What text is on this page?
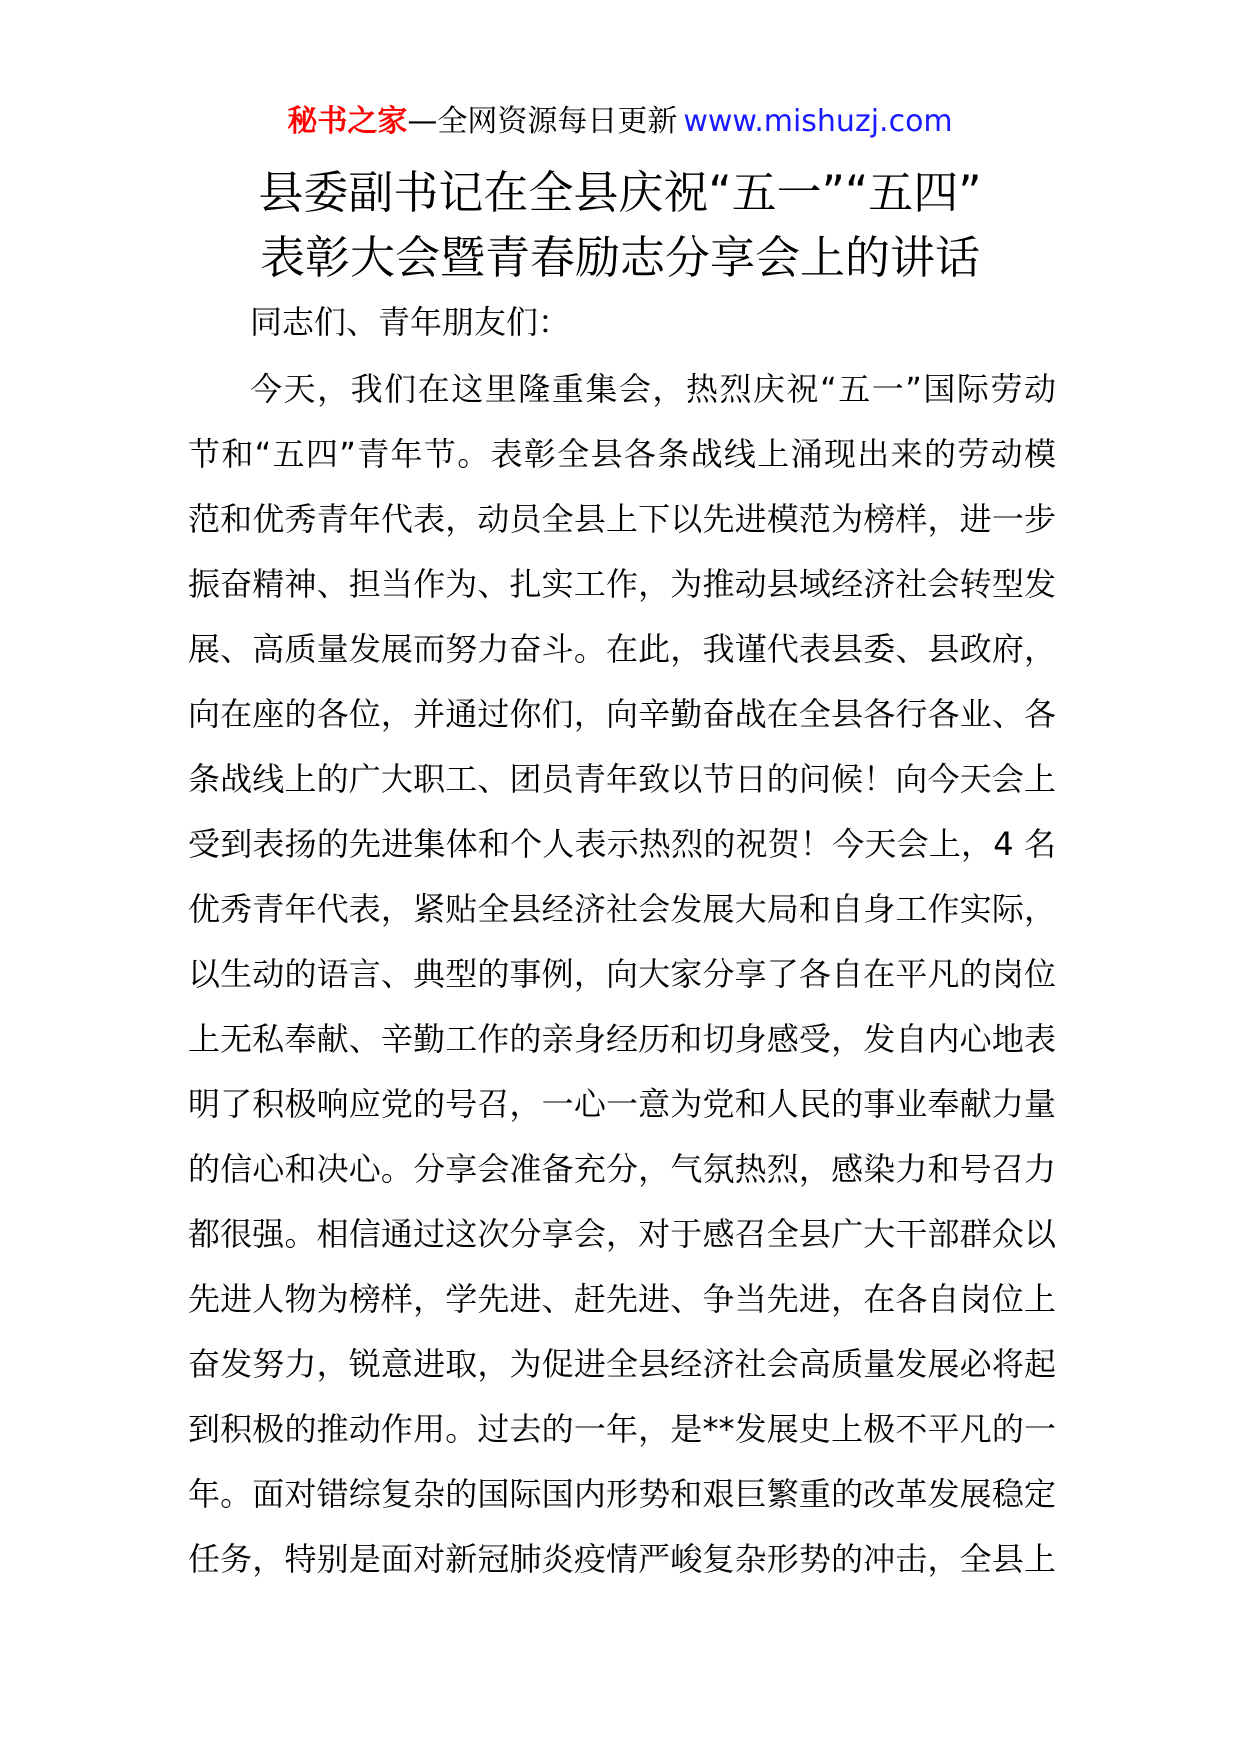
秘书之家—全网资源每日更新 www.mishuzj.com
县委副书记在全县庆祝“五一”“五四”
表彰大会暨青春励志分享会上的讲话
同志们、青年朋友们：
今天，我们在这里隆重集会，热烈庆祝“五一”国际劳动
节和“五四”青年节。表彰全县各条战线上涌现出来的劳动模
范和优秀青年代表，动员全县上下以先进模范为榜样，进一步
振奋精神、担当作为、扎实工作，为推动县域经济社会转型发
展、高质量发展而努力奋斗。在此，我谨代表县委、县政府，
向在座的各位，并通过你们，向辛勤奋战在全县各行各业、各
条战线上的广大职工、团员青年致以节日的问候！向今天会上
受到表扬的先进集体和个人表示热烈的祝贺！今天会上，4 名
优秀青年代表，紧贴全县经济社会发展大局和自身工作实际，
以生动的语言、典型的事例，向大家分享了各自在平凡的岗位
上无私奉献、辛勤工作的亲身经历和切身感受，发自内心地表
明了积极响应党的号召，一心一意为党和人民的事业奉献力量
的信心和决心。分享会准备充分，气氛热烈，感染力和号召力
都很强。相信通过这次分享会，对于感召全县广大干部群众以
先进人物为榜样，学先进、赶先进、争当先进，在各自岗位上
奋发努力，锐意进取，为促进全县经济社会高质量发展必将起
到积极的推动作用。过去的一年，是**发展史上极不平凡的一
年。面对错综复杂的国际国内形势和艰巨繁重的改革发展稳定
任务，特别是面对新冠肺炎疫情严峻复杂形势的冲击，全县上
